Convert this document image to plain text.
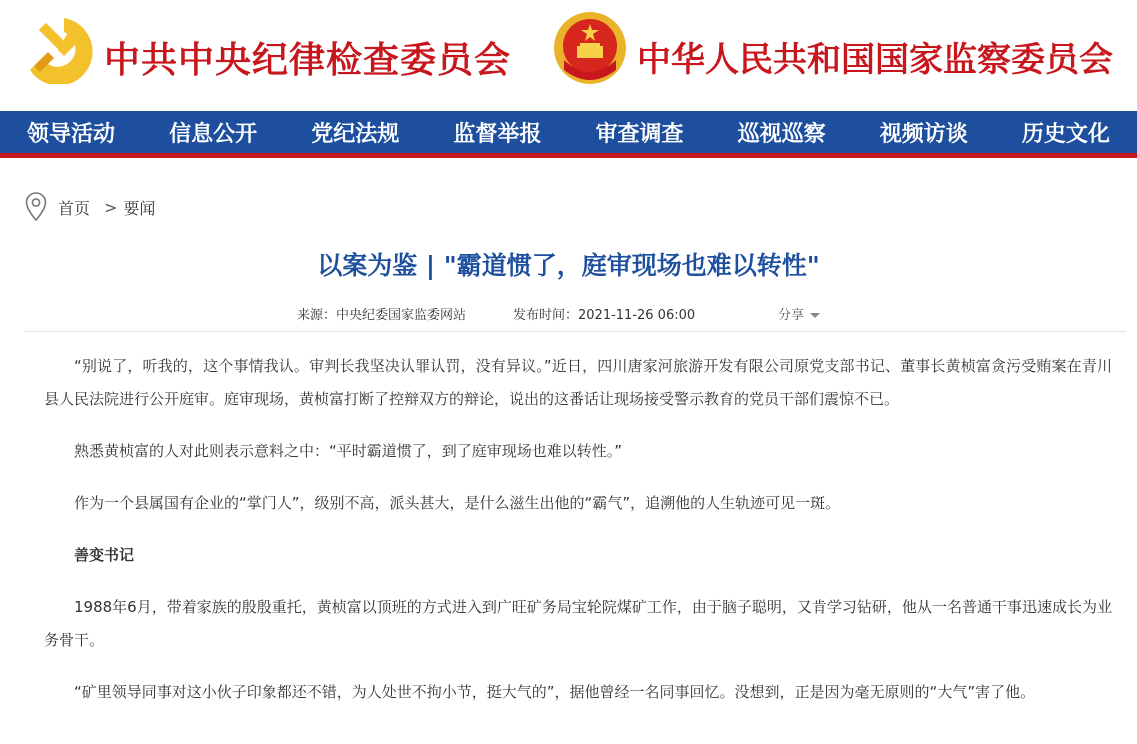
中共中央纪律检查委员会	中华人民共和国国家监察委员会
领导活动	信息公开	党纪法规	监督举报	审查调查	巡视巡察	视频访谈	历史文化
首页 > 要闻
以案为鉴 | "霸道惯了，庭审现场也难以转性"
来源：中央纪委国家监委网站	发布时间：2021-11-26 06:00	分享

“别说了，听我的，这个事情我认。审判长我坚决认罪认罚，没有异议。”近日，四川唐家河旅游开发有限公司原党支部书记、董事长黄桢富贪污受贿案在青川县人民法院进行公开庭审。庭审现场，黄桢富打断了控辩双方的辩论，说出的这番话让现场接受警示教育的党员干部们震惊不已。

熟悉黄桢富的人对此则表示意料之中：“平时霸道惯了，到了庭审现场也难以转性。”

作为一个县属国有企业的“掌门人”，级别不高，派头甚大，是什么滋生出他的“霸气”，追溯他的人生轨迹可见一斑。

善变书记

1988年6月，带着家族的殷殷重托，黄桢富以顶班的方式进入到广旺矿务局宝轮院煤矿工作，由于脑子聪明，又肯学习钻研，他从一名普通干事迅速成长为业务骨干。

“矿里领导同事对这小伙子印象都还不错，为人处世不拘小节，挺大气的”，据他曾经一名同事回忆。没想到，正是因为毫无原则的“大气”害了他。
